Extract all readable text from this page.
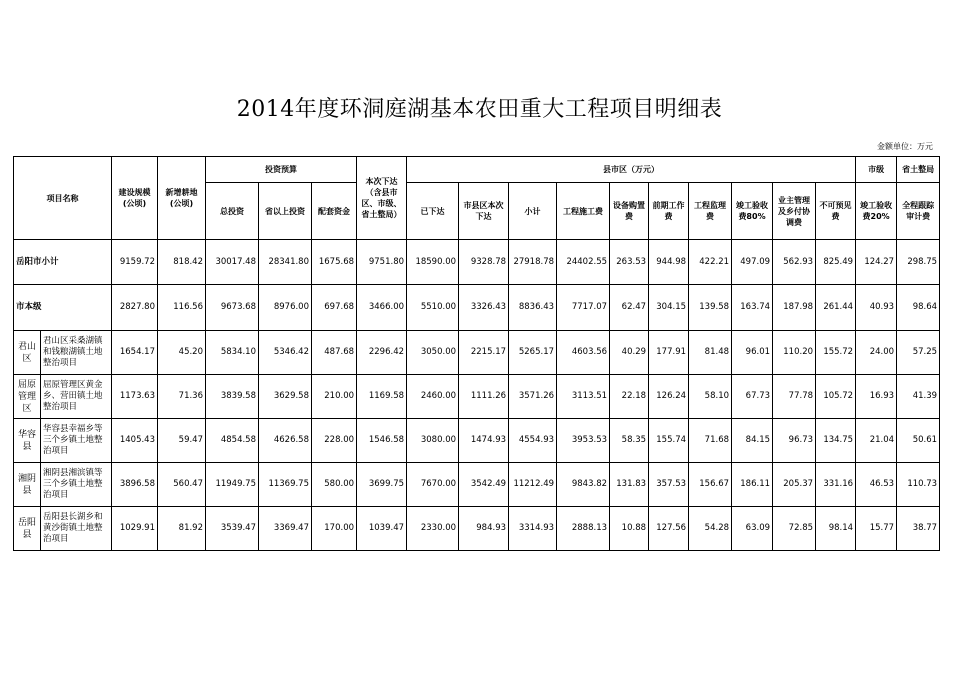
2014年度环洞庭湖基本农田重大工程项目明细表
金额单位：万元
项目名称		建设规模(公顷)	新增耕地(公顷)	投资预算			本次下达（含县市区、市级、省土整局）	县市区（万元）										市级	省土整局
				总投资	省以上投资	配套资金		已下达	市县区本次下达	小计	工程施工费	设备购置费	前期工作费	工程监理费	竣工验收费80%	业主管理及乡付协调费	不可预见费	竣工验收费20%	全程跟踪审计费
岳阳市小计		9159.72	818.42	30017.48	28341.80	1675.68	9751.80	18590.00	9328.78	27918.78	24402.55	263.53	944.98	422.21	497.09	562.93	825.49	124.27	298.75
市本级		2827.80	116.56	9673.68	8976.00	697.68	3466.00	5510.00	3326.43	8836.43	7717.07	62.47	304.15	139.58	163.74	187.98	261.44	40.93	98.64
君山区	君山区采桑湖镇和钱粮湖镇土地整治项目	1654.17	45.20	5834.10	5346.42	487.68	2296.42	3050.00	2215.17	5265.17	4603.56	40.29	177.91	81.48	96.01	110.20	155.72	24.00	57.25
屈原管理区	屈原管理区黄金乡、营田镇土地整治项目	1173.63	71.36	3839.58	3629.58	210.00	1169.58	2460.00	1111.26	3571.26	3113.51	22.18	126.24	58.10	67.73	77.78	105.72	16.93	41.39
华容县	华容县幸福乡等三个乡镇土地整治项目	1405.43	59.47	4854.58	4626.58	228.00	1546.58	3080.00	1474.93	4554.93	3953.53	58.35	155.74	71.68	84.15	96.73	134.75	21.04	50.61
湘阴县	湘阴县湘滨镇等三个乡镇土地整治项目	3896.58	560.47	11949.75	11369.75	580.00	3699.75	7670.00	3542.49	11212.49	9843.82	131.83	357.53	156.67	186.11	205.37	331.16	46.53	110.73
岳阳县	岳阳县长湖乡和黄沙街镇土地整治项目	1029.91	81.92	3539.47	3369.47	170.00	1039.47	2330.00	984.93	3314.93	2888.13	10.88	127.56	54.28	63.09	72.85	98.14	15.77	38.77
